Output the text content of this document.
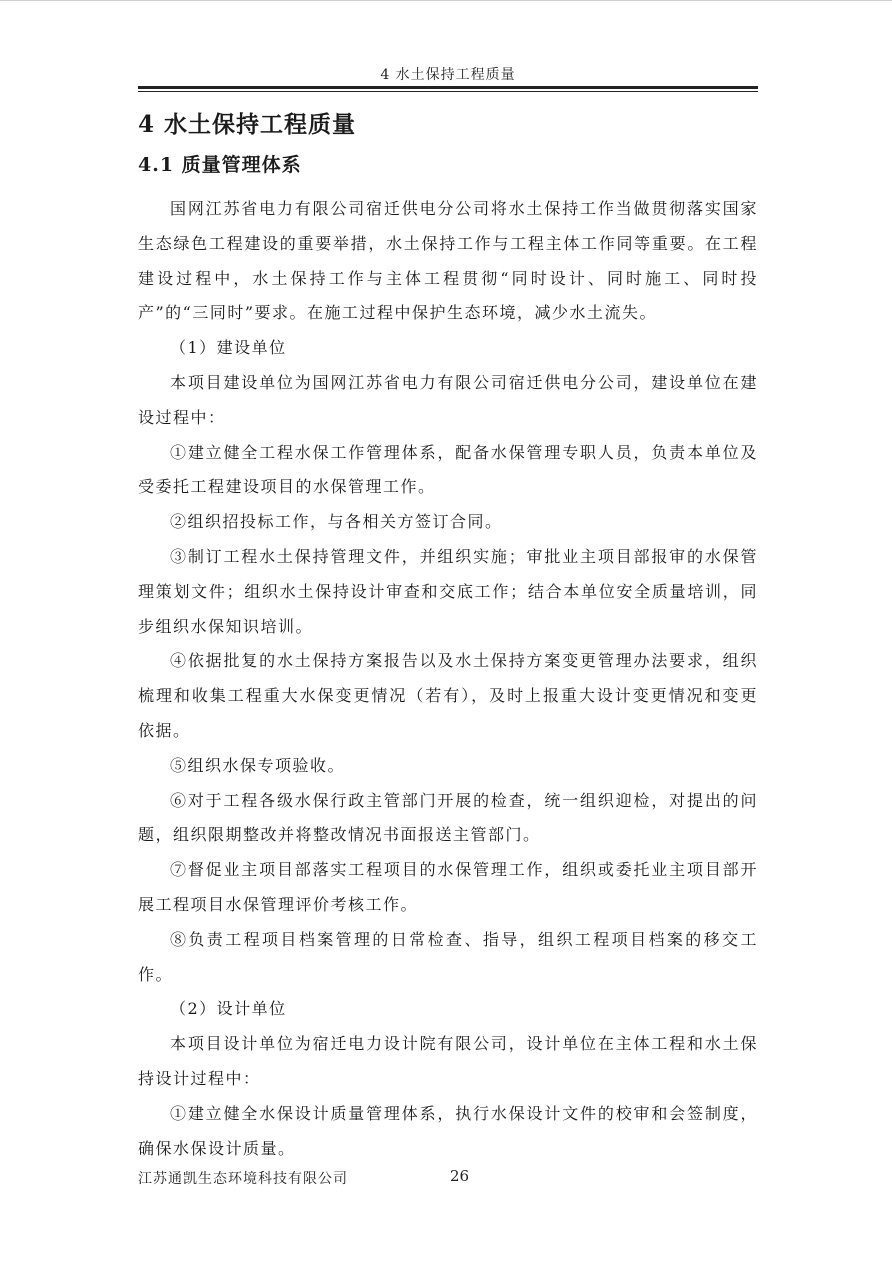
4 水土保持工程质量
4 水土保持工程质量
4.1 质量管理体系

国网江苏省电力有限公司宿迁供电分公司将水土保持工作当做贯彻落实国家生态绿色工程建设的重要举措，水土保持工作与工程主体工作同等重要。在工程建设过程中，水土保持工作与主体工程贯彻“同时设计、同时施工、同时投产”的“三同时”要求。在施工过程中保护生态环境，减少水土流失。

（1）建设单位

本项目建设单位为国网江苏省电力有限公司宿迁供电分公司，建设单位在建设过程中：

①建立健全工程水保工作管理体系，配备水保管理专职人员，负责本单位及受委托工程建设项目的水保管理工作。

②组织招投标工作，与各相关方签订合同。

③制订工程水土保持管理文件，并组织实施；审批业主项目部报审的水保管理策划文件；组织水土保持设计审查和交底工作；结合本单位安全质量培训，同步组织水保知识培训。

④依据批复的水土保持方案报告以及水土保持方案变更管理办法要求，组织梳理和收集工程重大水保变更情况（若有），及时上报重大设计变更情况和变更依据。

⑤组织水保专项验收。

⑥对于工程各级水保行政主管部门开展的检查，统一组织迎检，对提出的问题，组织限期整改并将整改情况书面报送主管部门。

⑦督促业主项目部落实工程项目的水保管理工作，组织或委托业主项目部开展工程项目水保管理评价考核工作。

⑧负责工程项目档案管理的日常检查、指导，组织工程项目档案的移交工作。

（2）设计单位

本项目设计单位为宿迁电力设计院有限公司，设计单位在主体工程和水土保持设计过程中：

①建立健全水保设计质量管理体系，执行水保设计文件的校审和会签制度，确保水保设计质量。

江苏通凯生态环境科技有限公司	26
